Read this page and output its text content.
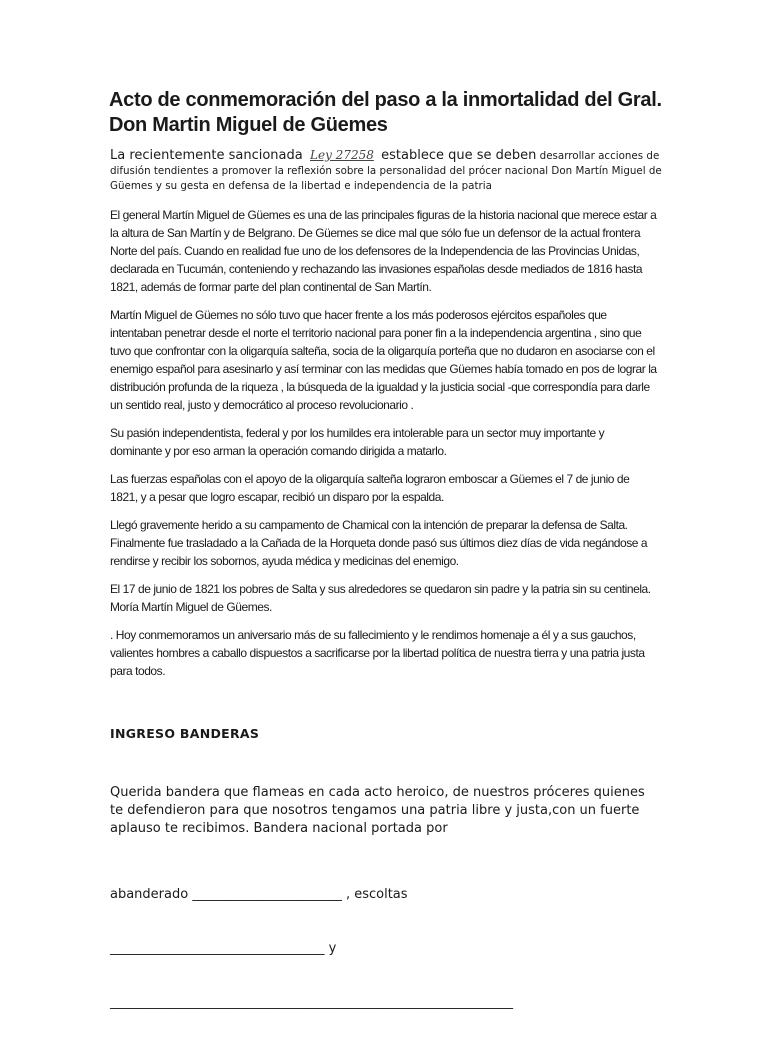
Acto de conmemoración del paso a la inmortalidad del Gral. Don Martin Miguel de Güemes
La recientemente sancionada Ley 27258 establece que se deben desarrollar acciones de difusión tendientes a promover la reflexión sobre la personalidad del prócer nacional Don Martín Miguel de Güemes y su gesta en defensa de la libertad e independencia de la patria

El general Martín Miguel de Güemes es una de las principales figuras de la historia nacional que merece estar a la altura de San Martín y de Belgrano. De Güemes se dice mal que sólo fue un defensor de la actual frontera Norte del país. Cuando en realidad fue uno de los defensores de la Independencia de las Provincias Unidas, declarada en Tucumán, conteniendo y rechazando las invasiones españolas desde mediados de 1816 hasta 1821, además de formar parte del plan continental de San Martín.

Martín Miguel de Güemes no sólo tuvo que hacer frente a los más poderosos ejércitos españoles que intentaban penetrar desde el norte el territorio nacional para poner fin a la independencia argentina , sino que tuvo que confrontar con la oligarquía salteña, socia de la oligarquía porteña que no dudaron en asociarse con el enemigo español para asesinarlo y así terminar con las medidas que Güemes había tomado en pos de lograr la distribución profunda de la riqueza , la búsqueda de la igualdad y la justicia social -que correspondía para darle un sentido real, justo y democrático al proceso revolucionario .

Su pasión independentista, federal y por los humildes era intolerable para un sector muy importante y dominante y por eso arman la operación comando dirigida a matarlo.

Las fuerzas españolas con el apoyo de la oligarquía salteña lograron emboscar a Güemes el 7 de junio de 1821, y a pesar que logro escapar, recibió un disparo por la espalda.

Llegó gravemente herido a su campamento de Chamical con la intención de preparar la defensa de Salta. Finalmente fue trasladado a la Cañada de la Horqueta donde pasó sus últimos diez días de vida negándose a rendirse y recibir los sobornos, ayuda médica y medicinas del enemigo.

El 17 de junio de 1821 los pobres de Salta y sus alrededores se quedaron sin padre y la patria sin su centinela. Moría Martín Miguel de Güemes.

. Hoy conmemoramos un aniversario más de su fallecimiento y le rendimos homenaje a él y a sus gauchos, valientes hombres a caballo dispuestos a sacrificarse por la libertad política de nuestra tierra y una patria justa para todos.

INGRESO BANDERAS

Querida bandera que flameas en cada acto heroico, de nuestros próceres quienes te defendieron para que nosotros tengamos una patria libre y justa,con un fuerte aplauso te recibimos. Bandera nacional portada por

abanderado _______________________ , escoltas

_________________________________ y

______________________________________________________________
